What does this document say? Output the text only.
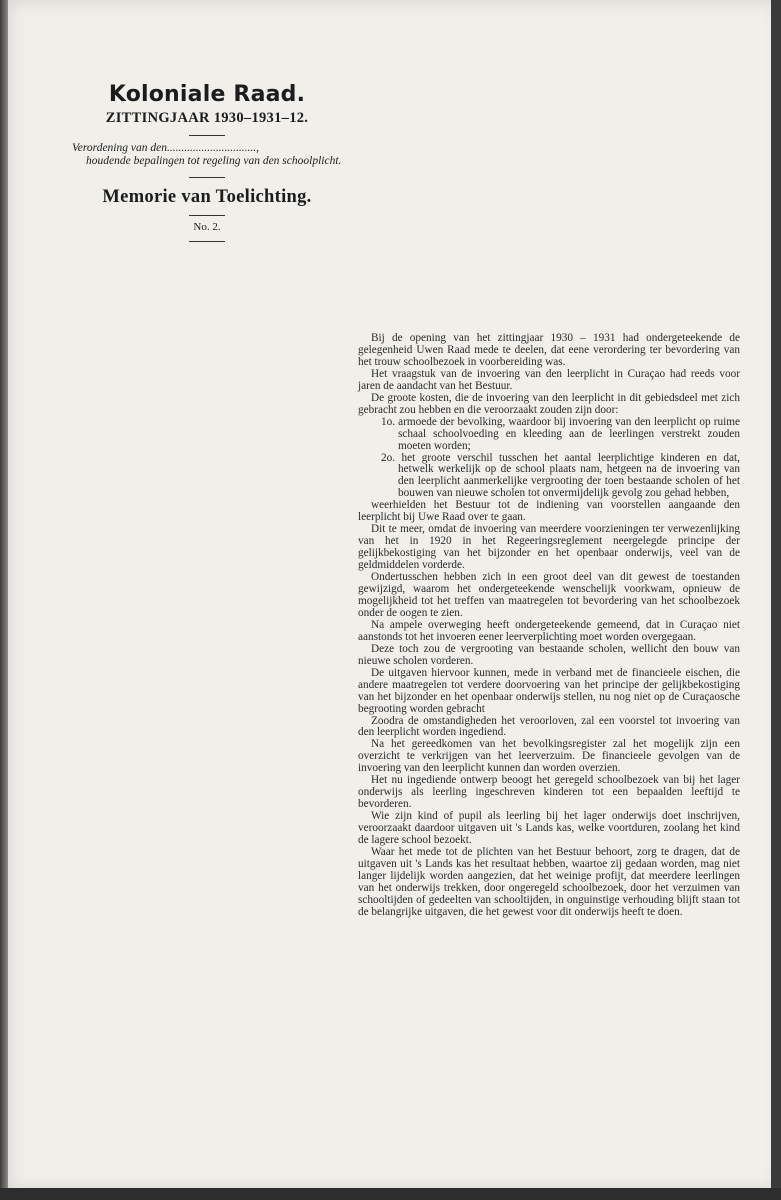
Koloniale Raad.
ZITTINGJAAR 1930–1931–12.
Verordening van den...............................,
houdende bepalingen tot regeling van den schoolplicht.
Memorie van Toelichting.
No. 2.

Bij de opening van het zittingjaar 1930 – 1931 had ondergeteekende de gelegenheid Uwen Raad mede te deelen, dat eene verordering ter bevordering van het trouw schoolbezoek in voorbereiding was.

Het vraagstuk van de invoering van den leerplicht in Curaçao had reeds voor jaren de aandacht van het Bestuur.

De groote kosten, die de invoering van den leerplicht in dit gebiedsdeel met zich gebracht zou hebben en die veroorzaakt zouden zijn door:

1o. armoede der bevolking, waardoor bij invoering van den leerplicht op ruime schaal schoolvoeding en kleeding aan de leerlingen verstrekt zouden moeten worden;

2o. het groote verschil tusschen het aantal leerplichtige kinderen en dat, hetwelk werkelijk op de school plaats nam, hetgeen na de invoering van den leerplicht aanmerkelijke vergrooting der toen bestaande scholen of het bouwen van nieuwe scholen tot onvermijdelijk gevolg zou gehad hebben,

weerhielden het Bestuur tot de indiening van voorstellen aangaande den leerplicht bij Uwe Raad over te gaan.

Dit te meer, omdat de invoering van meerdere voorzieningen ter verwezenlijking van het in 1920 in het Regeeringsreglement neergelegde principe der gelijkbekostiging van het bijzonder en het openbaar onderwijs, veel van de geldmiddelen vorderde.

Ondertusschen hebben zich in een groot deel van dit gewest de toestanden gewijzigd, waarom het ondergeteekende wenschelijk voorkwam, opnieuw de mogelijkheid tot het treffen van maatregelen tot bevordering van het schoolbezoek onder de oogen te zien.

Na ampele overweging heeft ondergeteekende gemeend, dat in Curaçao niet aanstonds tot het invoeren eener leerverplichting moet worden overgegaan.

Deze toch zou de vergrooting van bestaande scholen, wellicht den bouw van nieuwe scholen vorderen.

De uitgaven hiervoor kunnen, mede in verband met de financieele eischen, die andere maatregelen tot verdere doorvoering van het principe der gelijkbekostiging van het bijzonder en het openbaar onderwijs stellen, nu nog niet op de Curaçaosche begrooting worden gebracht

Zoodra de omstandigheden het veroorloven, zal een voorstel tot invoering van den leerplicht worden ingediend.

Na het gereedkomen van het bevolkingsregister zal het mogelijk zijn een overzicht te verkrijgen van het leerverzuim. De financieele gevolgen van de invoering van den leerplicht kunnen dan worden overzien.

Het nu ingediende ontwerp beoogt het geregeld schoolbezoek van bij het lager onderwijs als leerling ingeschreven kinderen tot een bepaalden leeftijd te bevorderen.

Wie zijn kind of pupil als leerling bij het lager onderwijs doet inschrijven, veroorzaakt daardoor uitgaven uit 's Lands kas, welke voortduren, zoolang het kind de lagere school bezoekt.

Waar het mede tot de plichten van het Bestuur behoort, zorg te dragen, dat de uitgaven uit 's Lands kas het resultaat hebben, waartoe zij gedaan worden, mag niet langer lijdelijk worden aangezien, dat het weinige profijt, dat meerdere leerlingen van het onderwijs trekken, door ongeregeld schoolbezoek, door het verzuimen van schooltijden of gedeelten van schooltijden, in onguinstige verhouding blijft staan tot de belangrijke uitgaven, die het gewest voor dit onderwijs heeft te doen.
